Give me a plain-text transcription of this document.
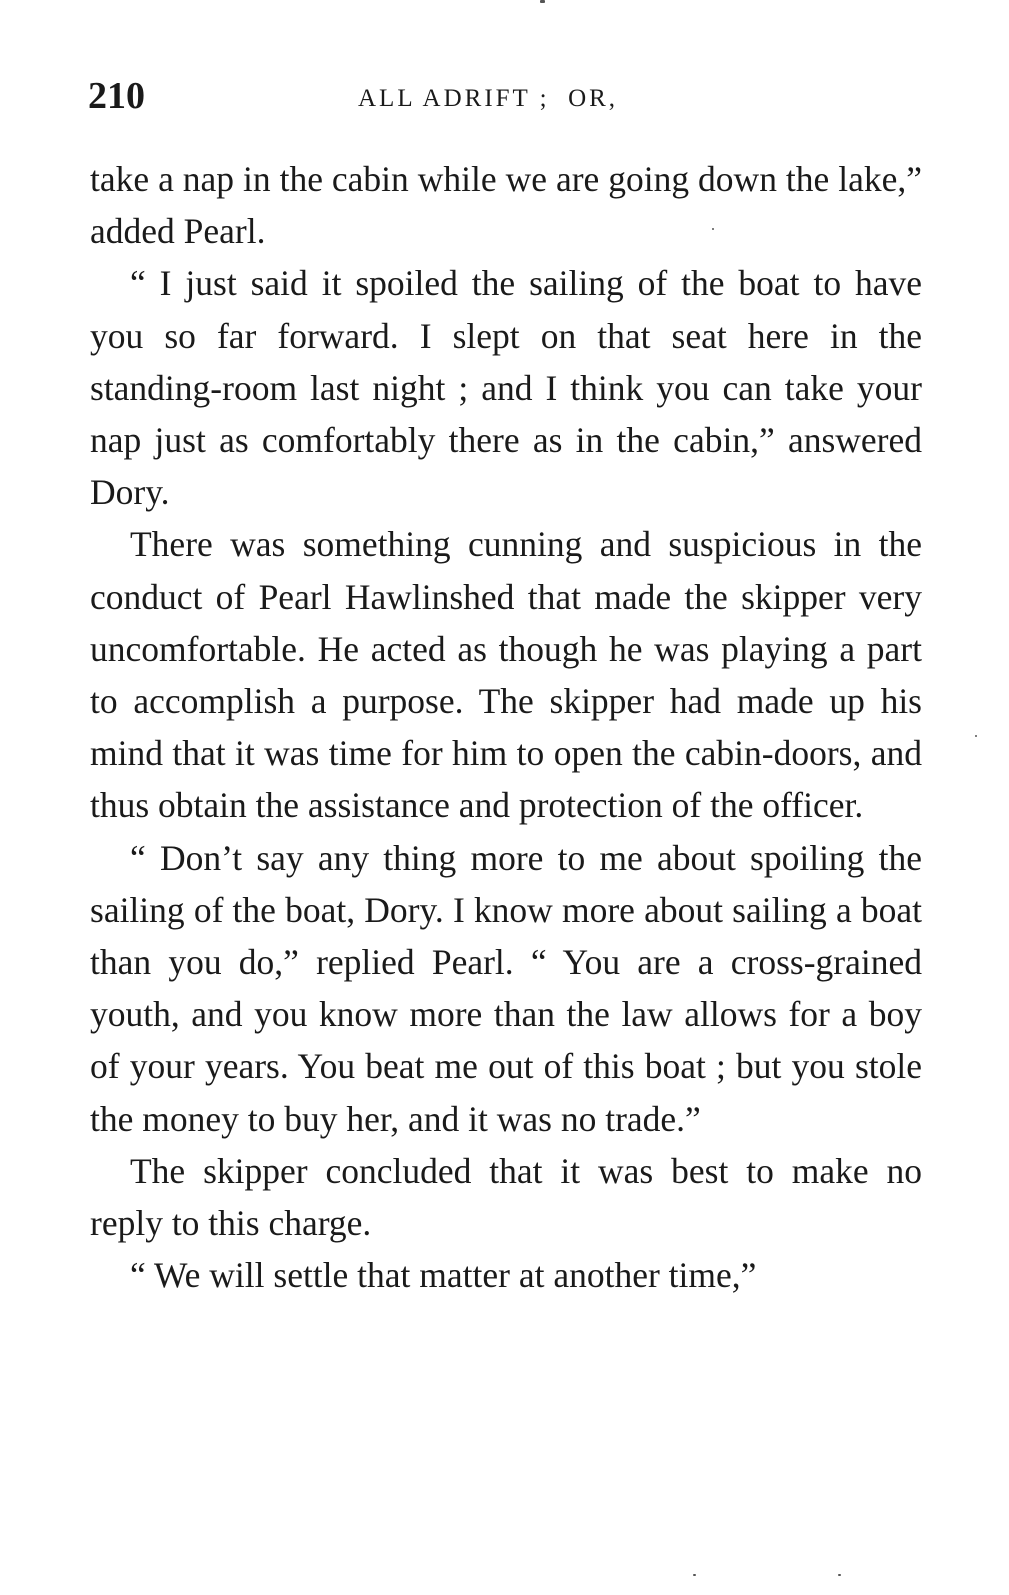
210	ALL ADRIFT ;  OR,

take a nap in the cabin while we are going down the lake,” added Pearl.

“ I just said it spoiled the sailing of the boat to have you so far forward. I slept on that seat here in the standing-room last night ; and I think you can take your nap just as comfortably there as in the cabin,” answered Dory.

There was something cunning and suspicious in the conduct of Pearl Hawlinshed that made the skipper very uncomfortable. He acted as though he was playing a part to accomplish a purpose. The skipper had made up his mind that it was time for him to open the cabin-doors, and thus obtain the assistance and protection of the officer.

“ Don’t say any thing more to me about spoiling the sailing of the boat, Dory. I know more about sailing a boat than you do,” replied Pearl. “ You are a cross-grained youth, and you know more than the law allows for a boy of your years. You beat me out of this boat ; but you stole the money to buy her, and it was no trade.”

The skipper concluded that it was best to make no reply to this charge.

“ We will settle that matter at another time,”
